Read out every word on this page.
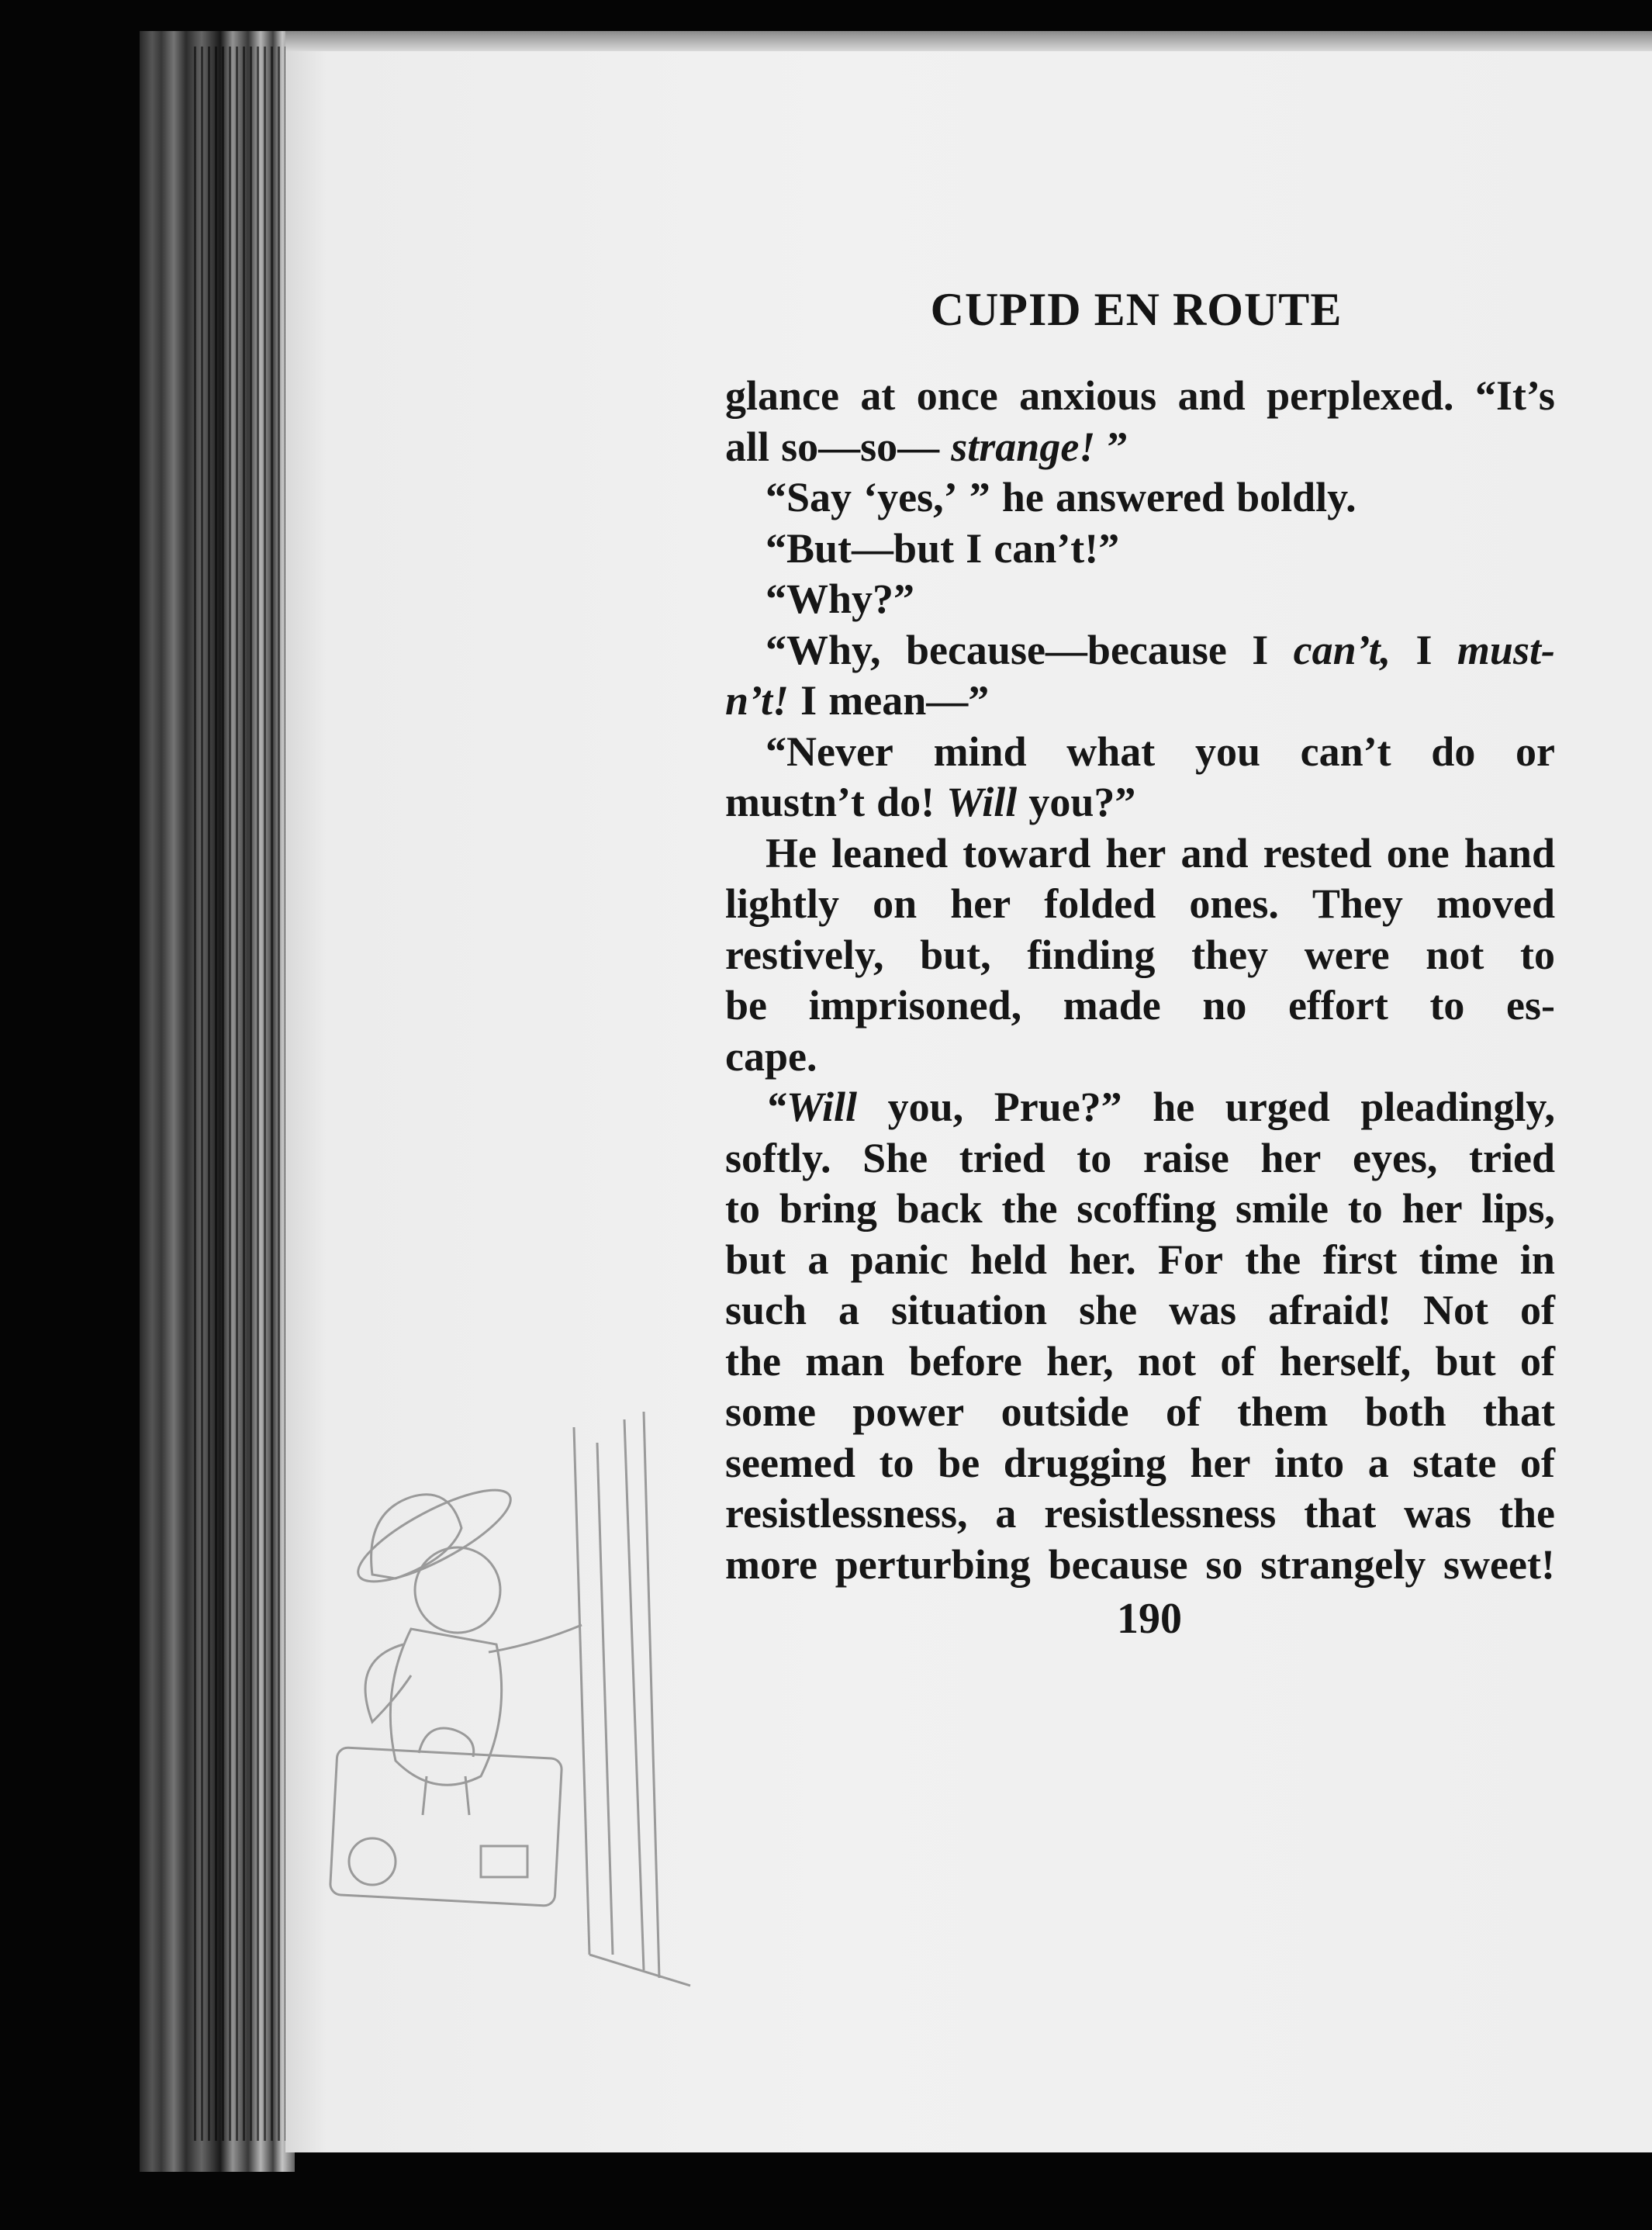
CUPID EN ROUTE
glance at once anxious and perplexed. “It’s
all so—so— strange! ”
“Say ‘yes,’ ” he answered boldly.
“But—but I can’t!”
“Why?”
“Why, because—because I can’t, I must-
n’t! I mean—”
“Never mind what you can’t do or
mustn’t do! Will you?”
He leaned toward her and rested one hand
lightly on her folded ones. They moved
restively, but, finding they were not to
be imprisoned, made no effort to es-
cape.
“Will you, Prue?” he urged pleadingly,
softly. She tried to raise her eyes, tried
to bring back the scoffing smile to her lips,
but a panic held her. For the first time in
such a situation she was afraid! Not of
the man before her, not of herself, but of
some power outside of them both that
seemed to be drugging her into a state of
resistlessness, a resistlessness that was the
more perturbing because so strangely sweet!
190
